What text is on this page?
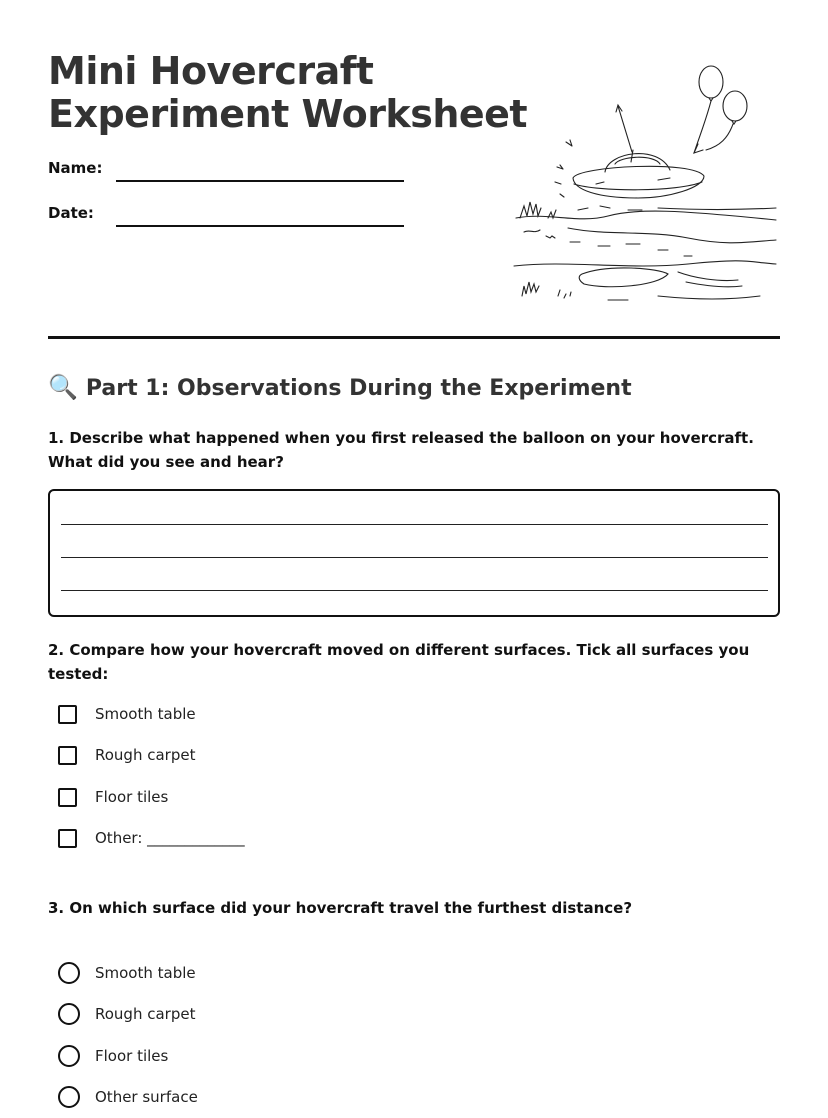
Mini Hovercraft
Experiment Worksheet
Name:
Date:
🔍 Part 1: Observations During the Experiment

1. Describe what happened when you first released the balloon on your hovercraft. What did you see and hear?

2. Compare how your hovercraft moved on different surfaces. Tick all surfaces you tested:

Smooth table
Rough carpet
Floor tiles
Other: _____________

3. On which surface did your hovercraft travel the furthest distance?

Smooth table
Rough carpet
Floor tiles
Other surface
